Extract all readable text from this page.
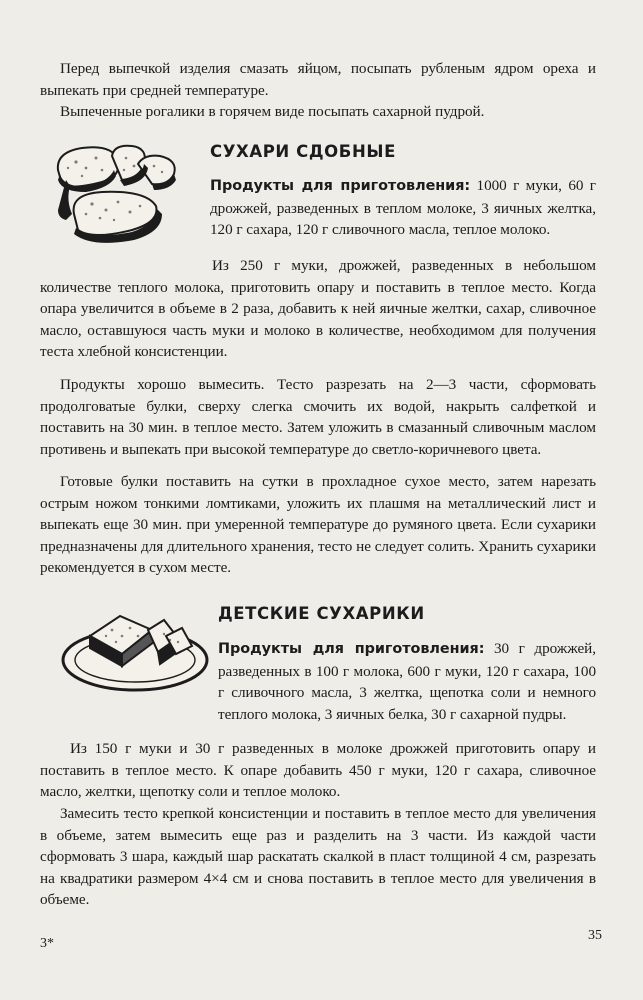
Перед выпечкой изделия смазать яйцом, посыпать рубленым ядром ореха и выпекать при средней температуре.

Выпеченные рогалики в горячем виде посыпать сахарной пудрой.

СУХАРИ СДОБНЫЕ

Продукты для приготовления: 1000 г муки, 60 г дрожжей, разведенных в теплом молоке, 3 яичных желтка, 120 г сахара, 120 г сливочного масла, теплое молоко.

Из 250 г муки, дрожжей, разведенных в небольшом количестве теплого молока, приготовить опару и поставить в теплое место. Когда опара увеличится в объеме в 2 раза, добавить к ней яичные желтки, сахар, сливочное масло, оставшуюся часть муки и молоко в количестве, необходимом для получения теста хлебной консистенции.

Продукты хорошо вымесить. Тесто разрезать на 2—3 части, сформовать продолговатые булки, сверху слегка смочить их водой, накрыть салфеткой и поставить на 30 мин. в теплое место. Затем уложить в смазанный сливочным маслом противень и выпекать при высокой температуре до светло-коричневого цвета.

Готовые булки поставить на сутки в прохладное сухое место, затем нарезать острым ножом тонкими ломтиками, уложить их плашмя на металлический лист и выпекать еще 30 мин. при умеренной температуре до румяного цвета. Если сухарики предназначены для длительного хранения, тесто не следует солить. Хранить сухарики рекомендуется в сухом месте.

ДЕТСКИЕ СУХАРИКИ

Продукты для приготовления: 30 г дрожжей, разведенных в 100 г молока, 600 г муки, 120 г сахара, 100 г сливочного масла, 3 желтка, щепотка соли и немного теплого молока, 3 яичных белка, 30 г сахарной пудры.

Из 150 г муки и 30 г разведенных в молоке дрожжей приготовить опару и поставить в теплое место. К опаре добавить 450 г муки, 120 г сахара, сливочное масло, желтки, щепотку соли и теплое молоко.

Замесить тесто крепкой консистенции и поставить в теплое место для увеличения в объеме, затем вымесить еще раз и разделить на 3 части. Из каждой части сформовать 3 шара, каждый шар раскатать скалкой в пласт толщиной 4 см, разрезать на квадратики размером 4×4 см и снова поставить в теплое место для увеличения в объеме.

3*
35
